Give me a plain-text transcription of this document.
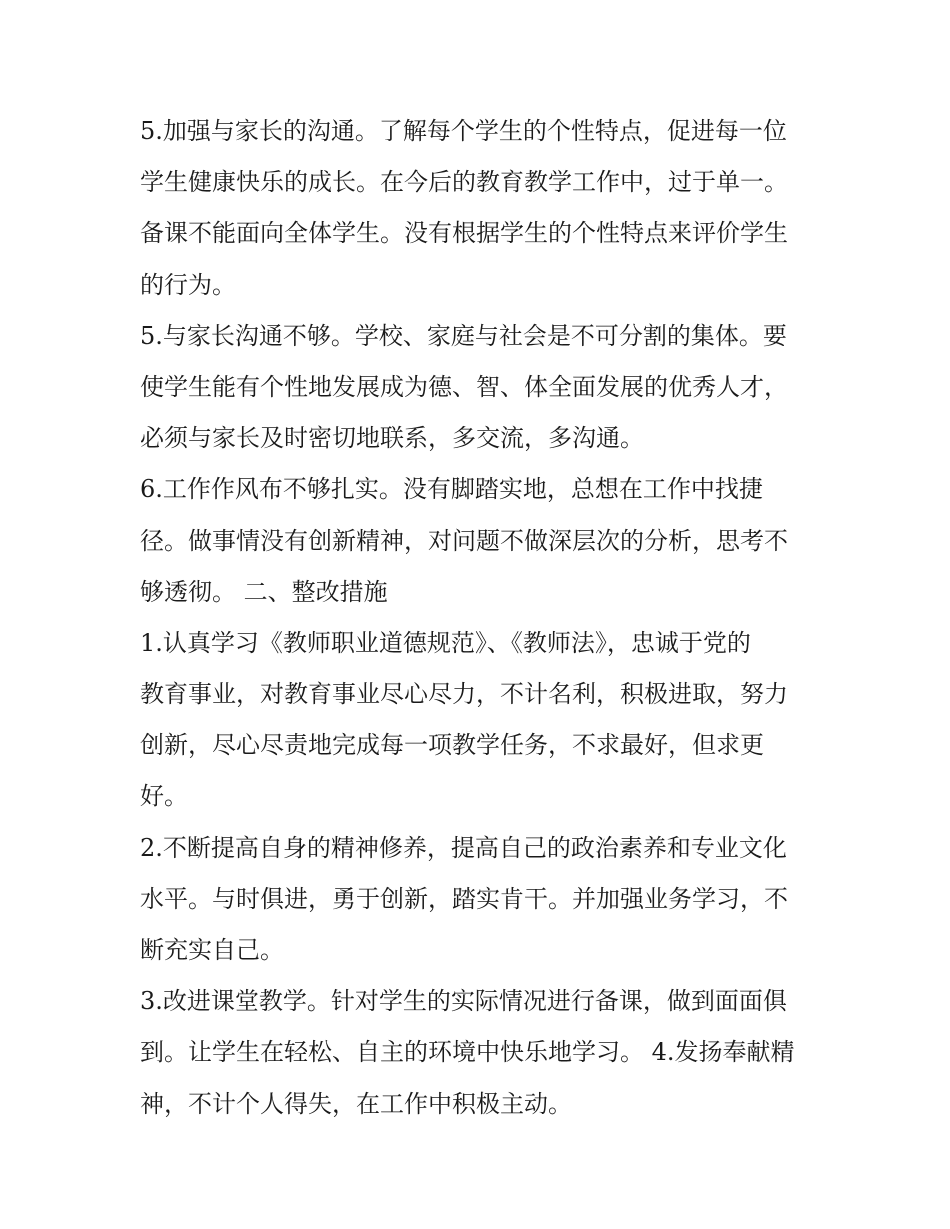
5.加强与家长的沟通。了解每个学生的个性特点，促进每一位
学生健康快乐的成长。在今后的教育教学工作中，过于单一。
备课不能面向全体学生。没有根据学生的个性特点来评价学生
的行为。
5.与家长沟通不够。学校、家庭与社会是不可分割的集体。要
使学生能有个性地发展成为德、智、体全面发展的优秀人才，
必须与家长及时密切地联系，多交流，多沟通。
6.工作作风布不够扎实。没有脚踏实地，总想在工作中找捷
径。做事情没有创新精神，对问题不做深层次的分析，思考不
够透彻。 二、整改措施
1.认真学习《教师职业道德规范》、《教师法》，忠诚于党的
教育事业，对教育事业尽心尽力，不计名利，积极进取，努力
创新，尽心尽责地完成每一项教学任务，不求最好，但求更
好。
2.不断提高自身的精神修养，提高自己的政治素养和专业文化
水平。与时俱进，勇于创新，踏实肯干。并加强业务学习，不
断充实自己。
3.改进课堂教学。针对学生的实际情况进行备课，做到面面俱
到。让学生在轻松、自主的环境中快乐地学习。 4.发扬奉献精
神，不计个人得失，在工作中积极主动。
